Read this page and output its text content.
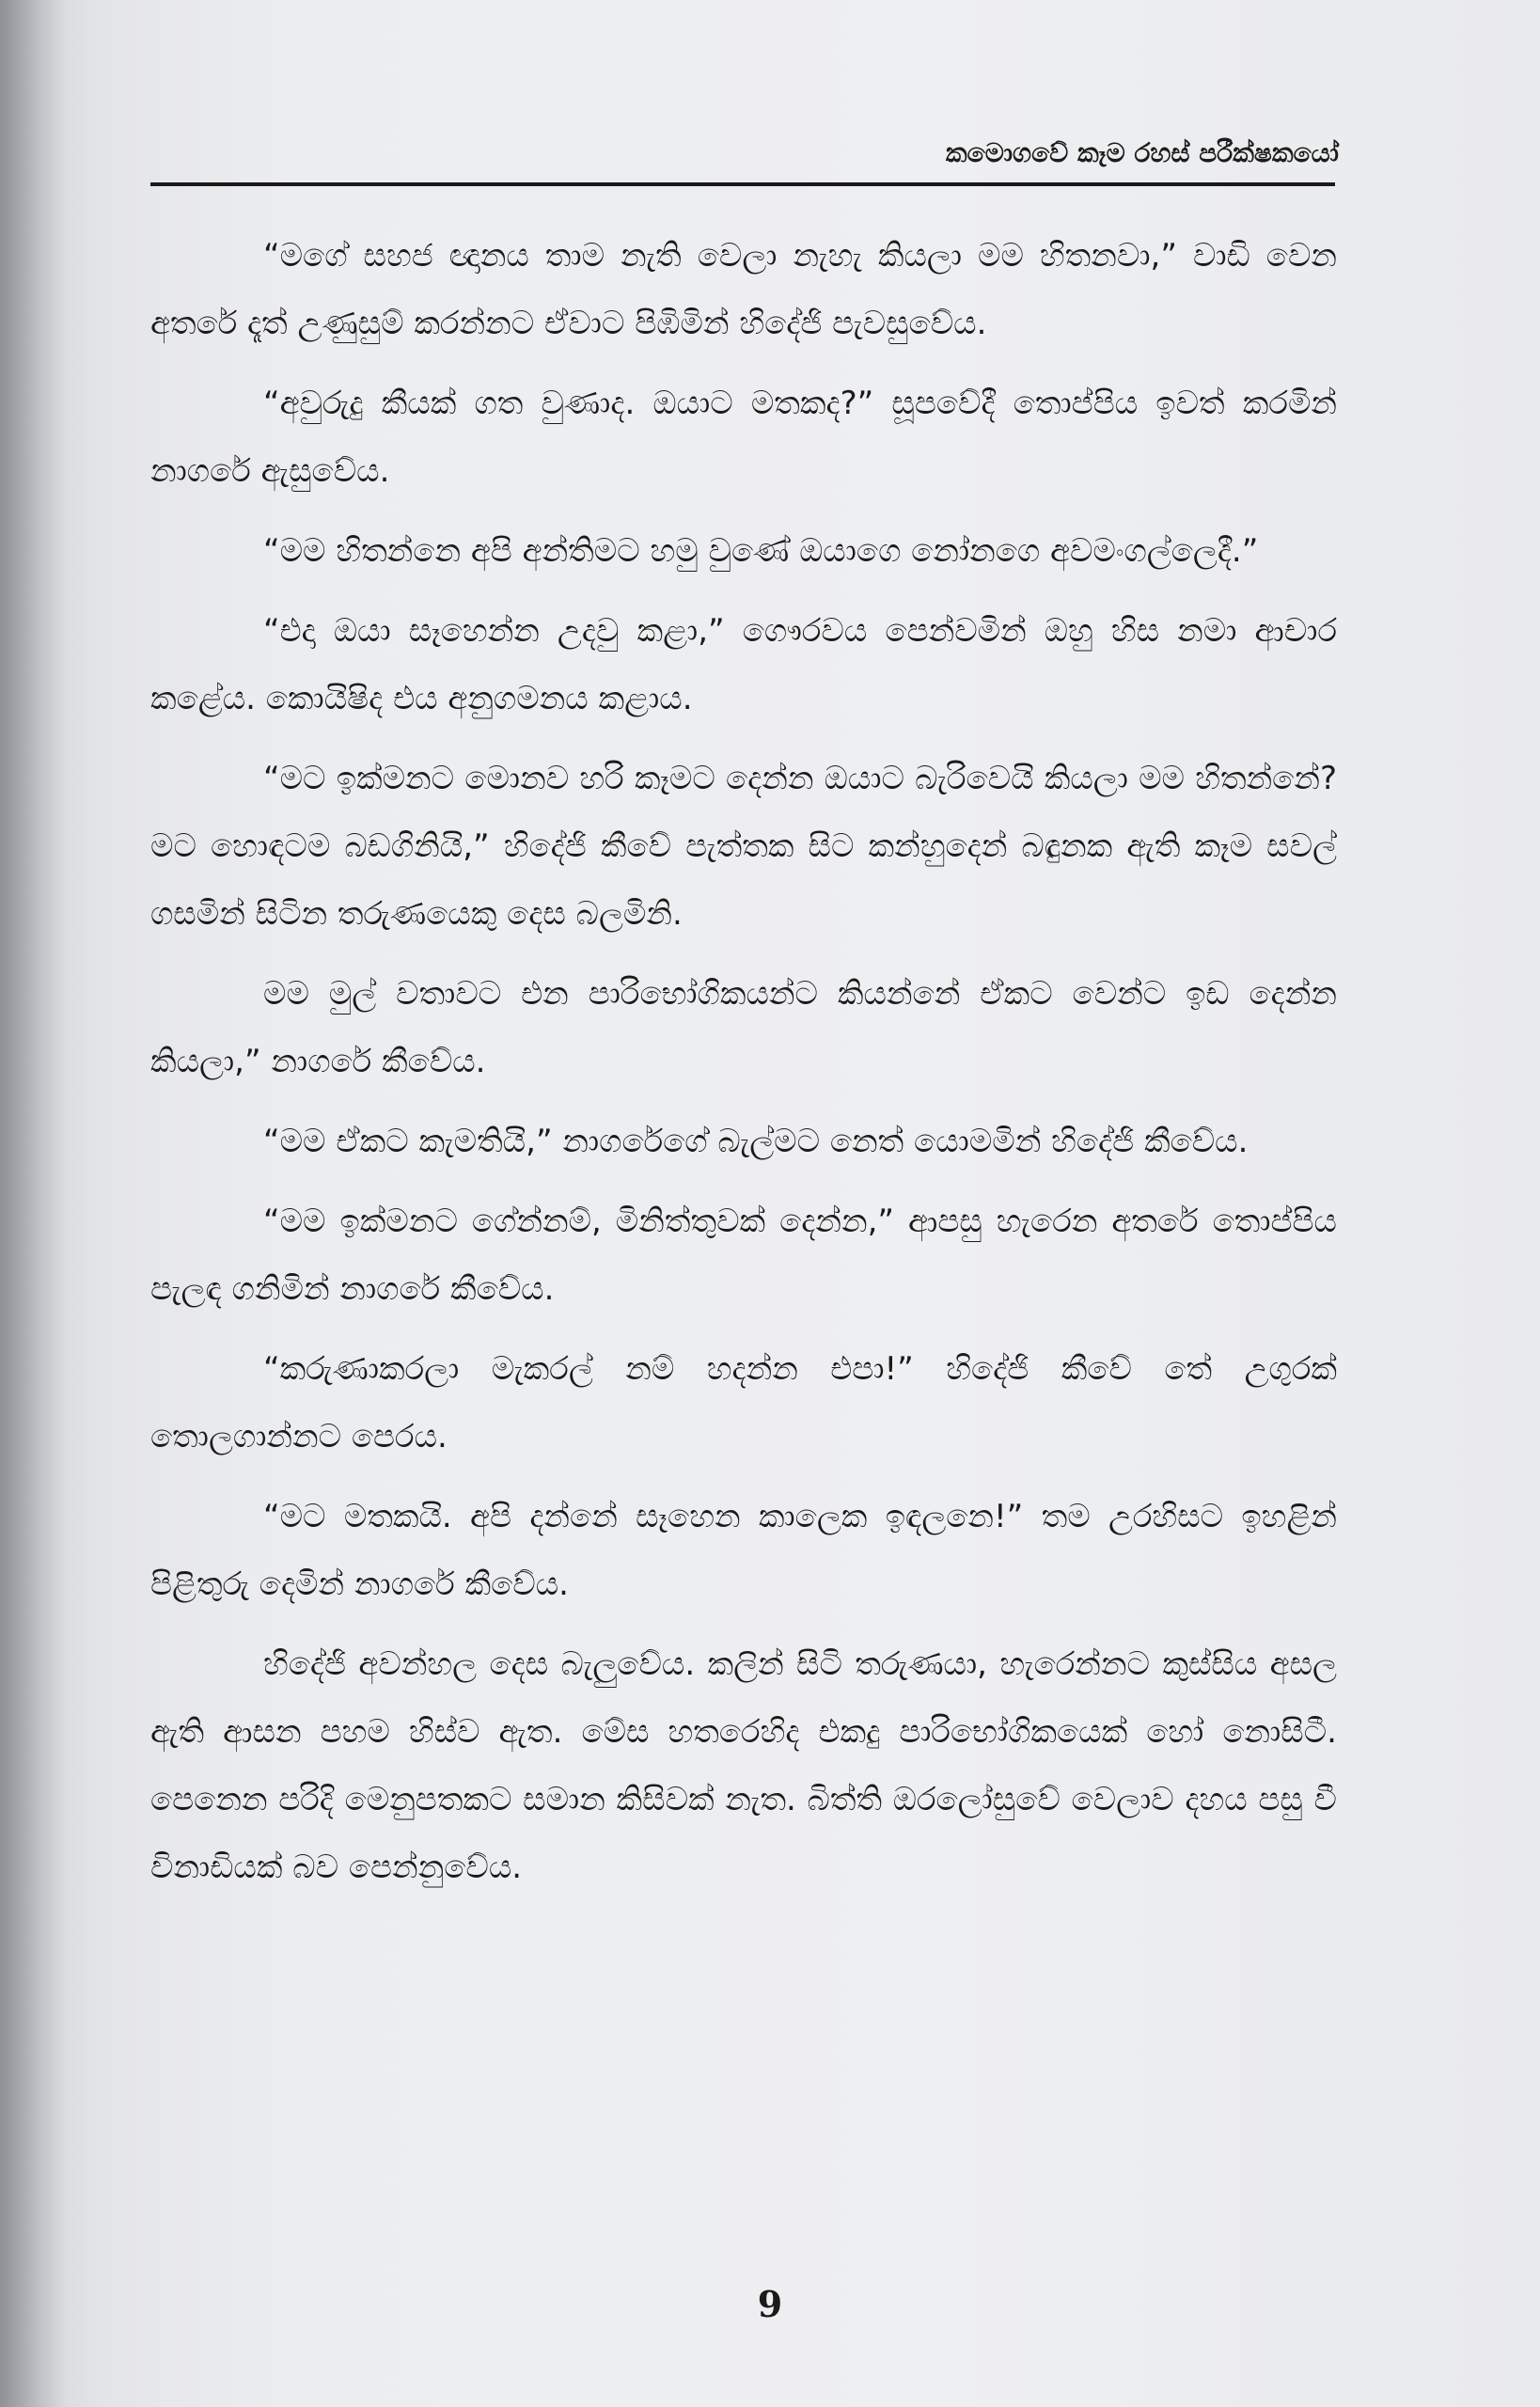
කමොගවේ කෑම රහස් පරීක්ෂකයෝ

“මගේ සහජ ඥානය තාම නැති වෙලා නැහැ කියලා මම හිතනවා,” වාඩි වෙන අතරේ දෑත් උණුසුම් කරන්නට ඒවාට පිඹිමින් හිදේජි පැවසුවේය.

“අවුරුදු කීයක් ගත වුණාද. ඔයාට මතකද?” සූපවේදී තොප්පිය ඉවත් කරමින් නාගරේ ඇසුවේය.

“මම හිතන්නෙ අපි අන්තිමට හමු වුණේ ඔයාගෙ නෝනගෙ අවමංගල්ලෙදී.”

“එදා ඔයා සෑහෙන්න උදවු කළා,” ගෞරවය පෙන්වමින් ඔහු හිස නමා ආචාර කළේය. කොයිෂිද එය අනුගමනය කළාය.

“මට ඉක්මනට මොනව හරි කෑමට දෙන්න ඔයාට බැරිවෙයි කියලා මම හිතන්නේ? මට හොඳටම බඩගිනියි,” හිදේජි කීවේ පැත්තක සිට කන්හුදෙන් බඳුනක ඇති කෑම සවල් ගසමින් සිටින තරුණයෙකු දෙස බලමිනි.

මම මුල් වතාවට එන පාරිභෝගිකයන්ට කියන්නේ ඒකට වෙන්ට ඉඩ දෙන්න කියලා,” නාගරේ කීවේය.

“මම ඒකට කැමතියි,” නාගරේගේ බැල්මට නෙත් යොමමින් හිදේජි කීවේය.

“මම ඉක්මනට ගේන්නම්, මිනිත්තුවක් දෙන්න,” ආපසු හැරෙන අතරේ තොප්පිය පැලඳ ගනිමින් නාගරේ කීවේය.

“කරුණාකරලා මැකරල් නම් හදන්න එපා!” හිදේජි කීවේ තේ උගුරක් තොලගාන්නට පෙරය.

“මට මතකයි. අපි දන්නේ සෑහෙන කාලෙක ඉඳලනෙ!” තම උරහිසට ඉහළින් පිළිතුරු දෙමින් නාගරේ කීවේය.

හිදේජි අවන්හල දෙස බැලුවේය. කලින් සිටි තරුණයා, හැරෙන්නට කුස්සිය අසල ඇති ආසන පහම හිස්ව ඇත. මේස හතරෙහිද එකදු පාරිභෝගිකයෙක් හෝ නොසිටී. පෙනෙන පරිදි මෙනුපතකට සමාන කිසිවක් නැත. බිත්ති ඔරලෝසුවේ වෙලාව දහය පසු වී විනාඩියක් බව පෙන්නුවේය.

9
